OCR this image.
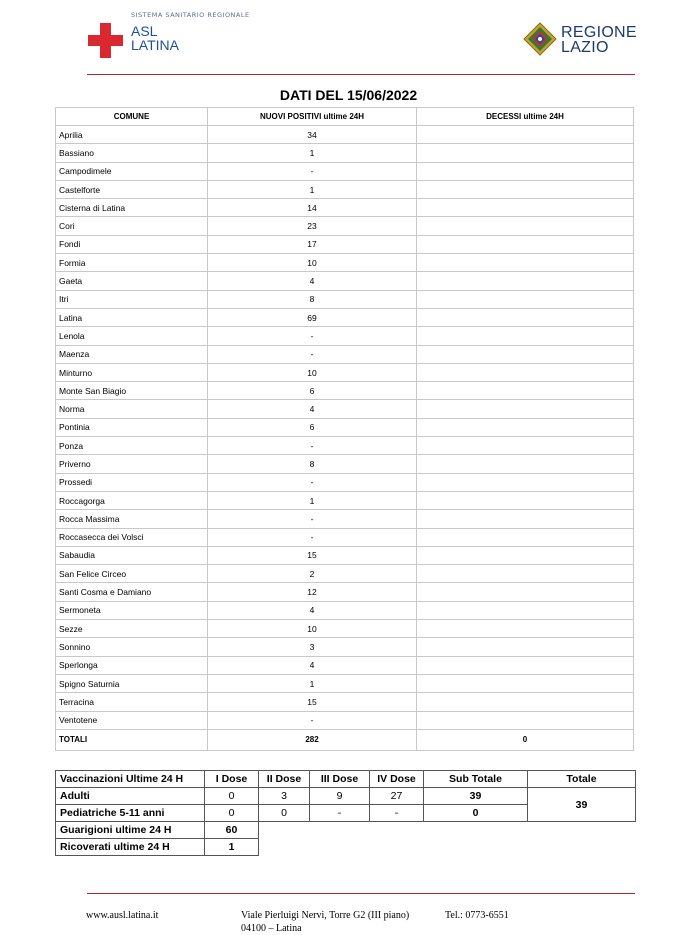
SISTEMA SANITARIO REGIONALE
ASL
LATINA
REGIONE
LAZIO
DATI DEL 15/06/2022
COMUNE	NUOVI POSITIVI ultime 24H	DECESSI ultime 24H
Aprilia	34	
Bassiano	1	
Campodimele	-	
Castelforte	1	
Cisterna di Latina	14	
Cori	23	
Fondi	17	
Formia	10	
Gaeta	4	
Itri	8	
Latina	69	
Lenola	-	
Maenza	-	
Minturno	10	
Monte San Biagio	6	
Norma	4	
Pontinia	6	
Ponza	-	
Priverno	8	
Prossedi	-	
Roccagorga	1	
Rocca Massima	-	
Roccasecca dei Volsci	-	
Sabaudia	15	
San Felice Circeo	2	
Santi Cosma e Damiano	12	
Sermoneta	4	
Sezze	10	
Sonnino	3	
Sperlonga	4	
Spigno Saturnia	1	
Terracina	15	
Ventotene	-	
TOTALI	282	0
Vaccinazioni Ultime 24 H	I Dose	II Dose	III Dose	IV Dose	Sub Totale	Totale
Adulti	0	3	9	27	39	39
Pediatriche 5-11 anni	0	0	-	-	0	
Guarigioni ultime 24 H	60					
Ricoverati ultime 24 H	1					
www.ausl.latina.it	Viale Pierluigi Nervi, Torre G2 (III piano)
04100 – Latina
Tel.: 0773-6551
